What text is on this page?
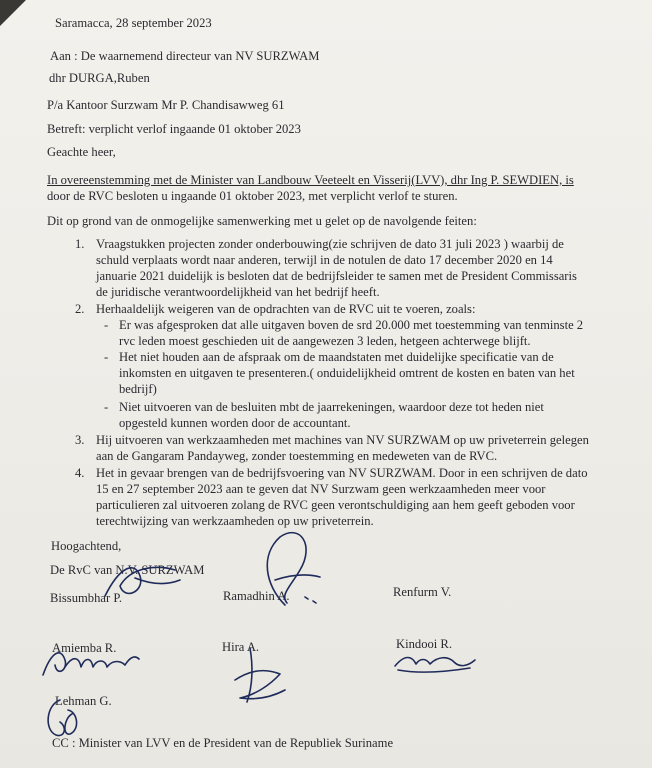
Saramacca, 28 september 2023
Aan : De waarnemend directeur van NV SURZWAM
dhr DURGA,Ruben
P/a Kantoor Surzwam Mr P. Chandisawweg 61
Betreft: verplicht verlof ingaande 01 oktober 2023
Geachte heer,
In overeenstemming met de Minister van Landbouw Veeteelt en Visserij(LVV), dhr Ing P. SEWDIEN, is
door de RVC besloten u ingaande 01 oktober 2023, met verplicht verlof te sturen.
Dit op grond van de onmogelijke samenwerking met u gelet op de navolgende feiten:
1. Vraagstukken projecten zonder onderbouwing(zie schrijven de dato 31 juli 2023 ) waarbij de
schuld verplaats wordt naar anderen, terwijl in de notulen de dato 17 december 2020 en 14
januarie 2021 duidelijk is besloten dat de bedrijfsleider te samen met de President Commissaris
de juridische verantwoordelijkheid van het bedrijf heeft.
2. Herhaaldelijk weigeren van de opdrachten van de RVC uit te voeren, zoals:
- Er was afgesproken dat alle uitgaven boven de srd 20.000 met toestemming van tenminste 2
rvc leden moest geschieden uit de aangewezen 3 leden, hetgeen achterwege blijft.
- Het niet houden aan de afspraak om de maandstaten met duidelijke specificatie van de
inkomsten en uitgaven te presenteren.( onduidelijkheid omtrent de kosten en baten van het
bedrijf)
- Niet uitvoeren van de besluiten mbt de jaarrekeningen, waardoor deze tot heden niet
opgesteld kunnen worden door de accountant.
3. Hij uitvoeren van werkzaamheden met machines van NV SURZWAM op uw priveterrein gelegen
aan de Gangaram Pandayweg, zonder toestemming en medeweten van de RVC.
4. Het in gevaar brengen van de bedrijfsvoering van NV SURZWAM. Door in een schrijven de dato
15 en 27 september 2023 aan te geven dat NV Surzwam geen werkzaamheden meer voor
particulieren zal uitvoeren zolang de RVC geen verontschuldiging aan hem geeft geboden voor
terechtwijzing van werkzaamheden op uw priveterrein.
Hoogachtend,
De RvC van N.V. SURZWAM
Bissumbhar P.	Ramadhin A.	Renfurm V.
Amiemba R.	Hira A.	Kindooi R.
Lehman G.
CC : Minister van LVV en de President van de Republiek Suriname
